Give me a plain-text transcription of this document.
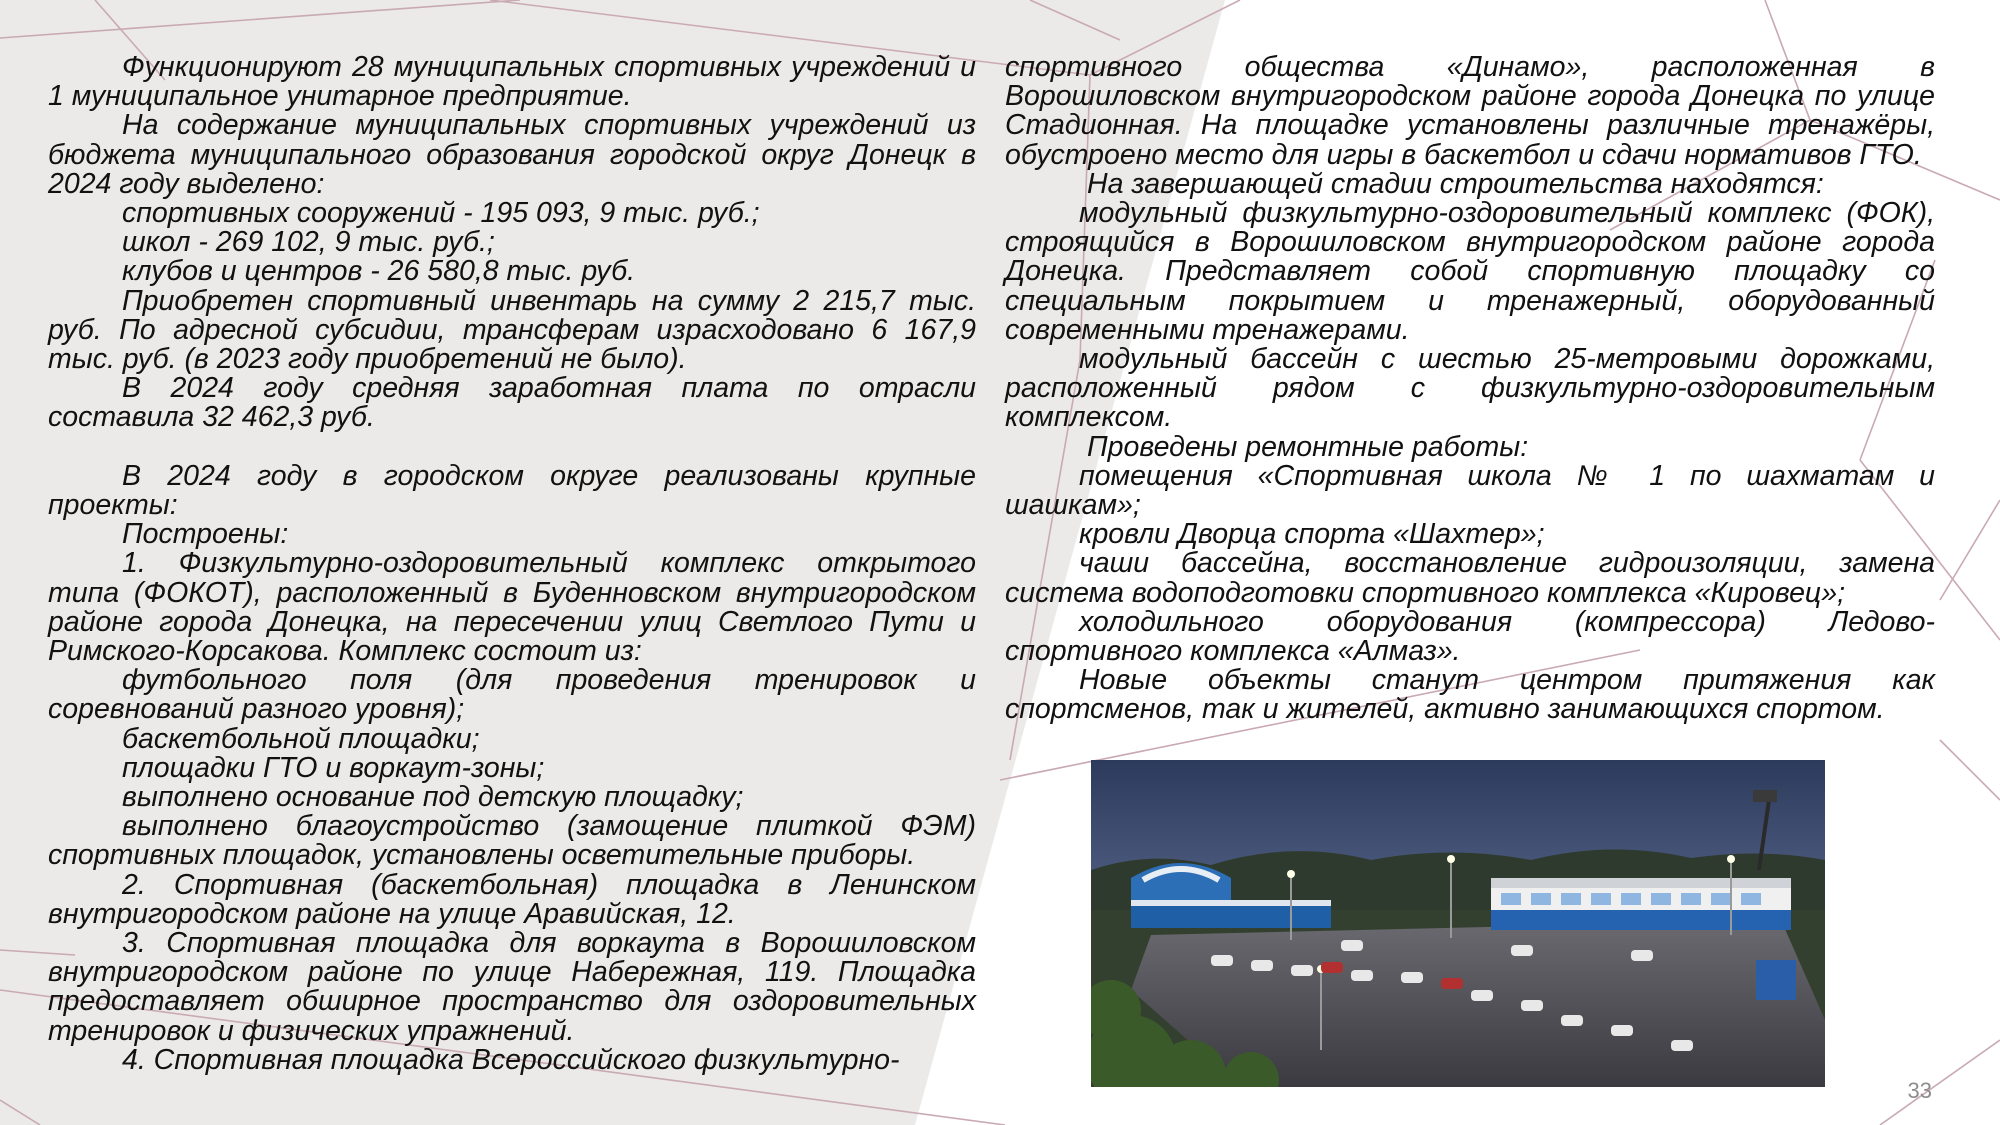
Функционируют 28 муниципальных спортивных учреждений и 1 муниципальное унитарное предприятие.

На содержание муниципальных спортивных учреждений из бюджета муниципального образования городской округ Донецк в 2024 году выделено:

спортивных сооружений - 195 093, 9 тыс. руб.;

школ - 269 102, 9 тыс. руб.;

клубов и центров - 26 580,8 тыс. руб.

Приобретен спортивный инвентарь на сумму 2 215,7 тыс. руб. По адресной субсидии, трансферам израсходовано 6 167,9 тыс. руб. (в 2023 году приобретений не было).

В 2024 году средняя заработная плата по отрасли составила 32 462,3 руб.

В 2024 году в городском округе реализованы крупные проекты:

Построены:

1. Физкультурно-оздоровительный комплекс открытого типа (ФОКОТ), расположенный в Буденновском внутригородском районе города Донецка, на пересечении улиц Светлого Пути и Римского-Корсакова. Комплекс состоит из:

футбольного поля (для проведения тренировок и соревнований разного уровня);

баскетбольной площадки;

площадки ГТО и воркаут-зоны;

выполнено основание под детскую площадку;

выполнено благоустройство (замощение плиткой ФЭМ) спортивных площадок, установлены осветительные приборы.

2. Спортивная (баскетбольная) площадка в Ленинском внутригородском районе на улице Аравийская, 12.

3. Спортивная площадка для воркаута в Ворошиловском внутригородском районе по улице Набережная, 119. Площадка предоставляет обширное пространство для оздоровительных тренировок и физических упражнений.

4. Спортивная площадка Всероссийского физкультурно-

спортивного общества «Динамо», расположенная в Ворошиловском внутригородском районе города Донецка по улице Стадионная. На площадке установлены различные тренажёры, обустроено место для игры в баскетбол и сдачи нормативов ГТО.

На завершающей стадии строительства находятся:

модульный физкультурно-оздоровительный комплекс (ФОК), строящийся в Ворошиловском внутригородском районе города Донецка. Представляет собой спортивную площадку со специальным покрытием и тренажерный, оборудованный современными тренажерами.

модульный бассейн с шестью 25-метровыми дорожками, расположенный рядом с физкультурно-оздоровительным комплексом.

Проведены ремонтные работы:

помещения «Спортивная школа № 1 по шахматам и шашкам»;

кровли Дворца спорта «Шахтер»;

чаши бассейна, восстановление гидроизоляции, замена система водоподготовки спортивного комплекса «Кировец»;

холодильного оборудования (компрессора) Ледово-спортивного комплекса «Алмаз».

Новые объекты станут центром притяжения как спортсменов, так и жителей, активно занимающихся спортом.

33
